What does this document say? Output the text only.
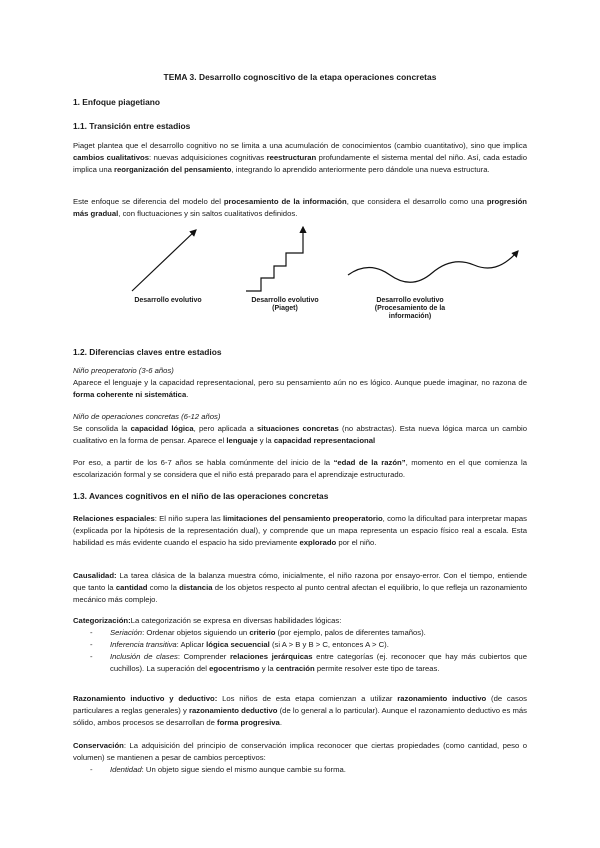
TEMA 3. Desarrollo cognoscitivo de la etapa operaciones concretas
1. Enfoque piagetiano
1.1. Transición entre estadios

Piaget plantea que el desarrollo cognitivo no se limita a una acumulación de conocimientos (cambio cuantitativo), sino que implica cambios cualitativos: nuevas adquisiciones cognitivas reestructuran profundamente el sistema mental del niño. Así, cada estadio implica una reorganización del pensamiento, integrando lo aprendido anteriormente pero dándole una nueva estructura.

Este enfoque se diferencia del modelo del procesamiento de la información, que considera el desarrollo como una progresión más gradual, con fluctuaciones y sin saltos cualitativos definidos.

Desarrollo evolutivo	Desarrollo evolutivo
(Piaget)
Desarrollo evolutivo
(Procesamiento de la
información)
1.2. Diferencias claves entre estadios

Niño preoperatorio (3-6 años)

Aparece el lenguaje y la capacidad representacional, pero su pensamiento aún no es lógico. Aunque puede imaginar, no razona de forma coherente ni sistemática.

Niño de operaciones concretas (6-12 años)

Se consolida la capacidad lógica, pero aplicada a situaciones concretas (no abstractas). Esta nueva lógica marca un cambio cualitativo en la forma de pensar. Aparece el lenguaje y la capacidad representacional

Por eso, a partir de los 6-7 años se habla comúnmente del inicio de la “edad de la razón”, momento en el que comienza la escolarización formal y se considera que el niño está preparado para el aprendizaje estructurado.

1.3. Avances cognitivos en el niño de las operaciones concretas

Relaciones espaciales: El niño supera las limitaciones del pensamiento preoperatorio, como la dificultad para interpretar mapas (explicada por la hipótesis de la representación dual), y comprende que un mapa representa un espacio físico real a escala. Esta habilidad es más evidente cuando el espacio ha sido previamente explorado por el niño.

Causalidad: La tarea clásica de la balanza muestra cómo, inicialmente, el niño razona por ensayo-error. Con el tiempo, entiende que tanto la cantidad como la distancia de los objetos respecto al punto central afectan el equilibrio, lo que refleja un razonamiento mecánico más complejo.

Categorización:La categorización se expresa en diversas habilidades lógicas:

- Seriación: Ordenar objetos siguiendo un criterio (por ejemplo, palos de diferentes tamaños).
- Inferencia transitiva: Aplicar lógica secuencial (si A > B y B > C, entonces A > C).
- Inclusión de clases: Comprender relaciones jerárquicas entre categorías (ej. reconocer que hay más cubiertos que cuchillos). La superación del egocentrismo y la centración permite resolver este tipo de tareas.

Razonamiento inductivo y deductivo: Los niños de esta etapa comienzan a utilizar razonamiento inductivo (de casos particulares a reglas generales) y razonamiento deductivo (de lo general a lo particular). Aunque el razonamiento deductivo es más sólido, ambos procesos se desarrollan de forma progresiva.

Conservación: La adquisición del principio de conservación implica reconocer que ciertas propiedades (como cantidad, peso o volumen) se mantienen a pesar de cambios perceptivos:

- Identidad: Un objeto sigue siendo el mismo aunque cambie su forma.
